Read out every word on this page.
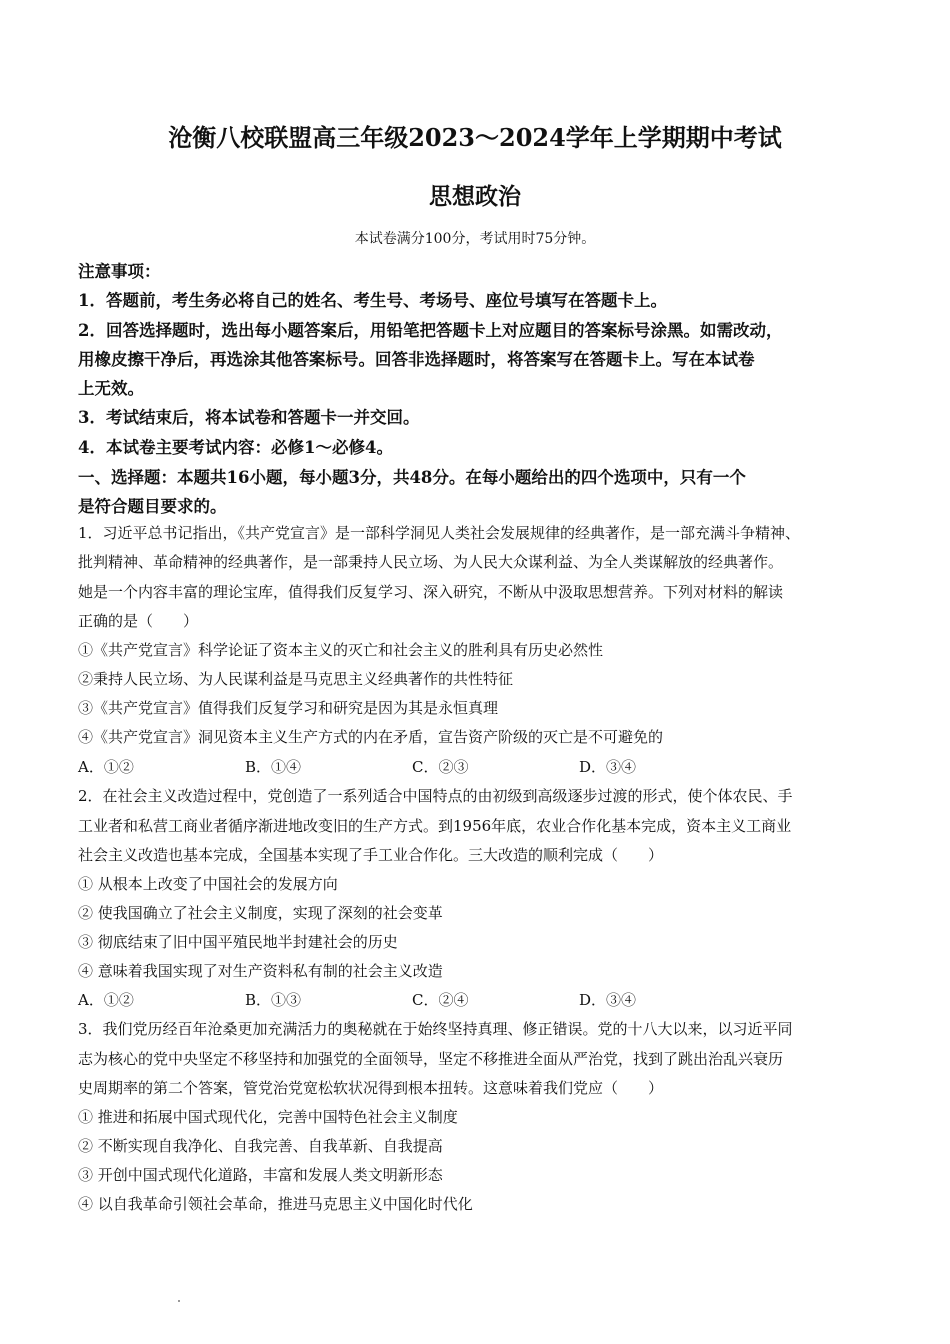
沧衡八校联盟高三年级2023～2024学年上学期期中考试
思想政治
本试卷满分100分，考试用时75分钟。
注意事项：
1．答题前，考生务必将自己的姓名、考生号、考场号、座位号填写在答题卡上。
2．回答选择题时，选出每小题答案后，用铅笔把答题卡上对应题目的答案标号涂黑。如需改动，
用橡皮擦干净后，再选涂其他答案标号。回答非选择题时，将答案写在答题卡上。写在本试卷
上无效。
3．考试结束后，将本试卷和答题卡一并交回。
4．本试卷主要考试内容：必修1～必修4。
一、选择题：本题共16小题，每小题3分，共48分。在每小题给出的四个选项中，只有一个
是符合题目要求的。
1．习近平总书记指出，《共产党宣言》是一部科学洞见人类社会发展规律的经典著作，是一部充满斗争精神、
批判精神、革命精神的经典著作，是一部秉持人民立场、为人民大众谋利益、为全人类谋解放的经典著作。
她是一个内容丰富的理论宝库，值得我们反复学习、深入研究，不断从中汲取思想营养。下列对材料的解读
正确的是（　　）
①《共产党宣言》科学论证了资本主义的灭亡和社会主义的胜利具有历史必然性
②秉持人民立场、为人民谋利益是马克思主义经典著作的共性特征
③《共产党宣言》值得我们反复学习和研究是因为其是永恒真理
④《共产党宣言》洞见资本主义生产方式的内在矛盾，宣告资产阶级的灭亡是不可避免的
A．①②	B．①④	C．②③	D．③④
2．在社会主义改造过程中，党创造了一系列适合中国特点的由初级到高级逐步过渡的形式，使个体农民、手
工业者和私营工商业者循序渐进地改变旧的生产方式。到1956年底，农业合作化基本完成，资本主义工商业
社会主义改造也基本完成，全国基本实现了手工业合作化。三大改造的顺利完成（　　）
① 从根本上改变了中国社会的发展方向
② 使我国确立了社会主义制度，实现了深刻的社会变革
③ 彻底结束了旧中国平殖民地半封建社会的历史
④ 意味着我国实现了对生产资料私有制的社会主义改造
A．①②	B．①③	C．②④	D．③④
3．我们党历经百年沧桑更加充满活力的奥秘就在于始终坚持真理、修正错误。党的十八大以来，以习近平同
志为核心的党中央坚定不移坚持和加强党的全面领导，坚定不移推进全面从严治党，找到了跳出治乱兴衰历
史周期率的第二个答案，管党治党宽松软状况得到根本扭转。这意味着我们党应（　　）
① 推进和拓展中国式现代化，完善中国特色社会主义制度
② 不断实现自我净化、自我完善、自我革新、自我提高
③ 开创中国式现代化道路，丰富和发展人类文明新形态
④ 以自我革命引领社会革命，推进马克思主义中国化时代化
